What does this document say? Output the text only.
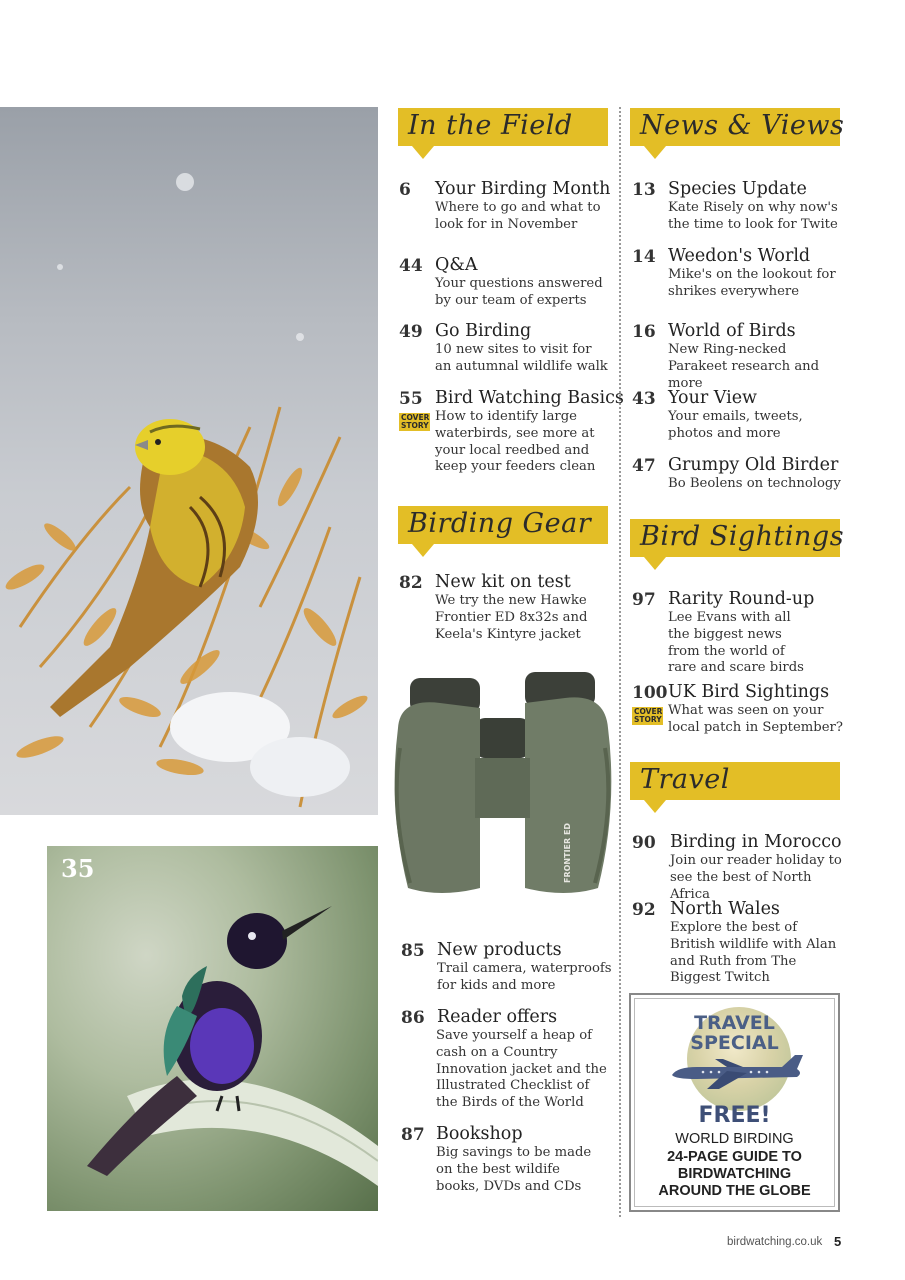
35	FRONTIER ED
In the Field
6 Your Birding Month
Where to go and what to look for in November
44 Q&A
Your questions answered by our team of experts
49 Go Birding
10 new sites to visit for an autumnal wildlife walk
55 Bird Watching Basics
COVER STORY
How to identify large waterbirds, see more at your local reedbed and keep your feeders clean
News & Views
13 Species Update
Kate Risely on why now's the time to look for Twite
14 Weedon's World
Mike's on the lookout for shrikes everywhere
16 World of Birds
New Ring-necked Parakeet research and more
43 Your View
Your emails, tweets, photos and more
47 Grumpy Old Birder
Bo Beolens on technology
Birding Gear
82 New kit on test
We try the new Hawke Frontier ED 8x32s and Keela's Kintyre jacket
85 New products
Trail camera, waterproofs for kids and more
86 Reader offers
Save yourself a heap of cash on a Country Innovation jacket and the Illustrated Checklist of the Birds of the World
87 Bookshop
Big savings to be made on the best wildife books, DVDs and CDs
Bird Sightings
97 Rarity Round-up
Lee Evans with all the biggest news from the world of rare and scare birds
100 UK Bird Sightings
COVER STORY
What was seen on your local patch in September?
Travel
90 Birding in Morocco
Join our reader holiday to see the best of North Africa
92 North Wales
Explore the best of British wildlife with Alan and Ruth from The Biggest Twitch
TRAVEL
SPECIAL
FREE!
WORLD BIRDING
24-PAGE GUIDE TO
BIRDWATCHING
AROUND THE GLOBE
birdwatching.co.uk 5
